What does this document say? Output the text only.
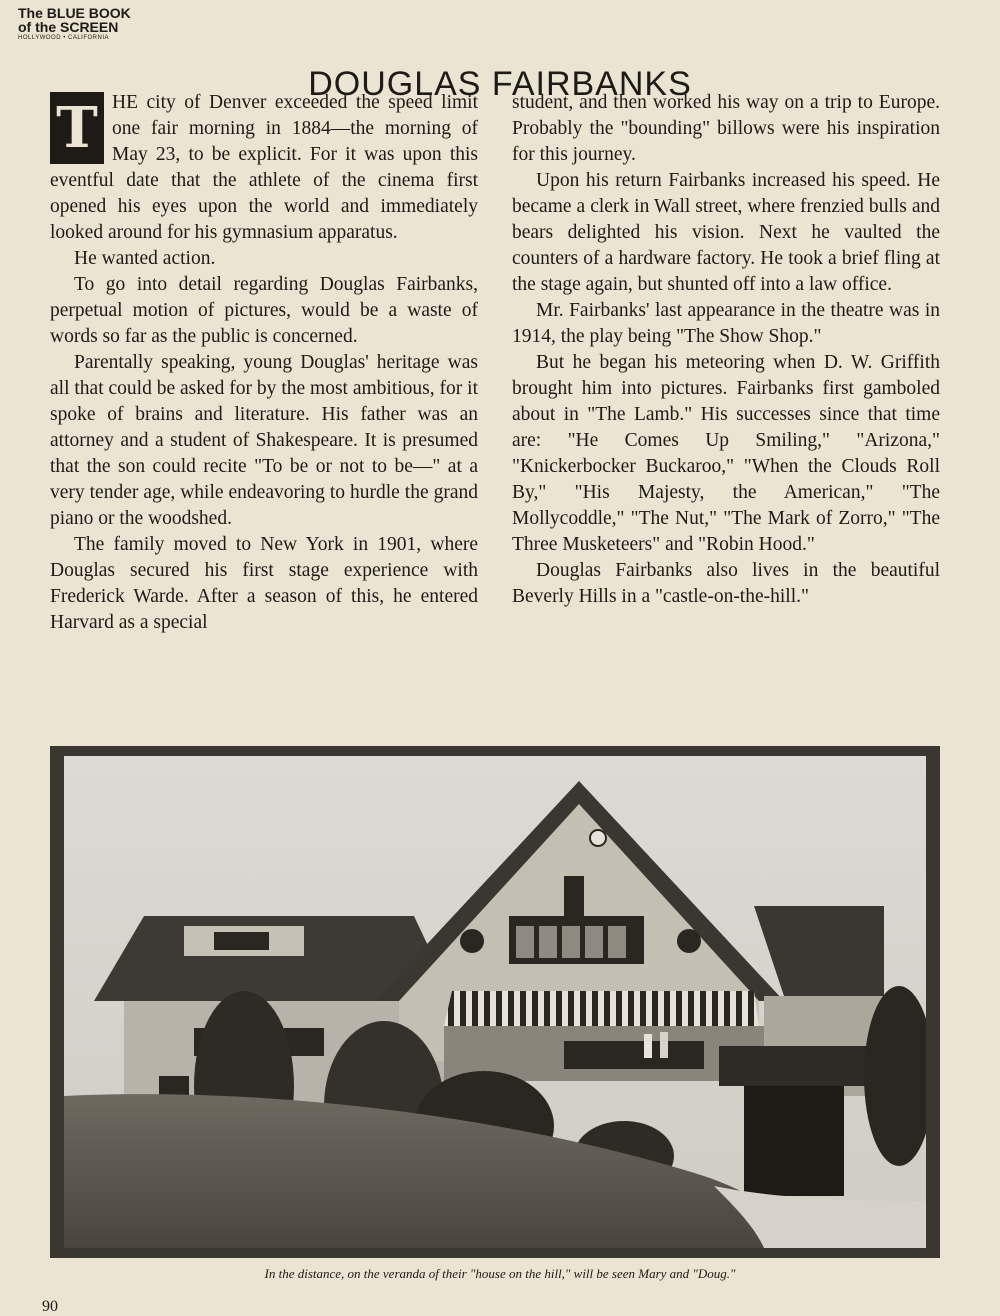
The BLUE BOOK
of the SCREEN
HOLLYWOOD • CALIFORNIA
DOUGLAS FAIRBANKS

T HE city of Denver exceeded the speed limit one fair morning in 1884—the morning of May 23, to be explicit. For it was upon this eventful date that the athlete of the cinema first opened his eyes upon the world and immediately looked around for his gymnasium apparatus.

He wanted action.

To go into detail regarding Douglas Fairbanks, perpetual motion of pictures, would be a waste of words so far as the public is concerned.

Parentally speaking, young Douglas' heritage was all that could be asked for by the most ambitious, for it spoke of brains and literature. His father was an attorney and a student of Shakespeare. It is presumed that the son could recite "To be or not to be—" at a very tender age, while endeavoring to hurdle the grand piano or the woodshed.

The family moved to New York in 1901, where Douglas secured his first stage experience with Frederick Warde. After a season of this, he entered Harvard as a special

student, and then worked his way on a trip to Europe. Probably the "bounding" billows were his inspiration for this journey.

Upon his return Fairbanks increased his speed. He became a clerk in Wall street, where frenzied bulls and bears delighted his vision. Next he vaulted the counters of a hardware factory. He took a brief fling at the stage again, but shunted off into a law office.

Mr. Fairbanks' last appearance in the theatre was in 1914, the play being "The Show Shop."

But he began his meteoring when D. W. Griffith brought him into pictures. Fairbanks first gamboled about in "The Lamb." His successes since that time are: "He Comes Up Smiling," "Arizona," "Knickerbocker Buckaroo," "When the Clouds Roll By," "His Majesty, the American," "The Mollycoddle," "The Nut," "The Mark of Zorro," "The Three Musketeers" and "Robin Hood."

Douglas Fairbanks also lives in the beautiful Beverly Hills in a "castle-on-the-hill."

In the distance, on the veranda of their "house on the hill," will be seen Mary and "Doug."
90
